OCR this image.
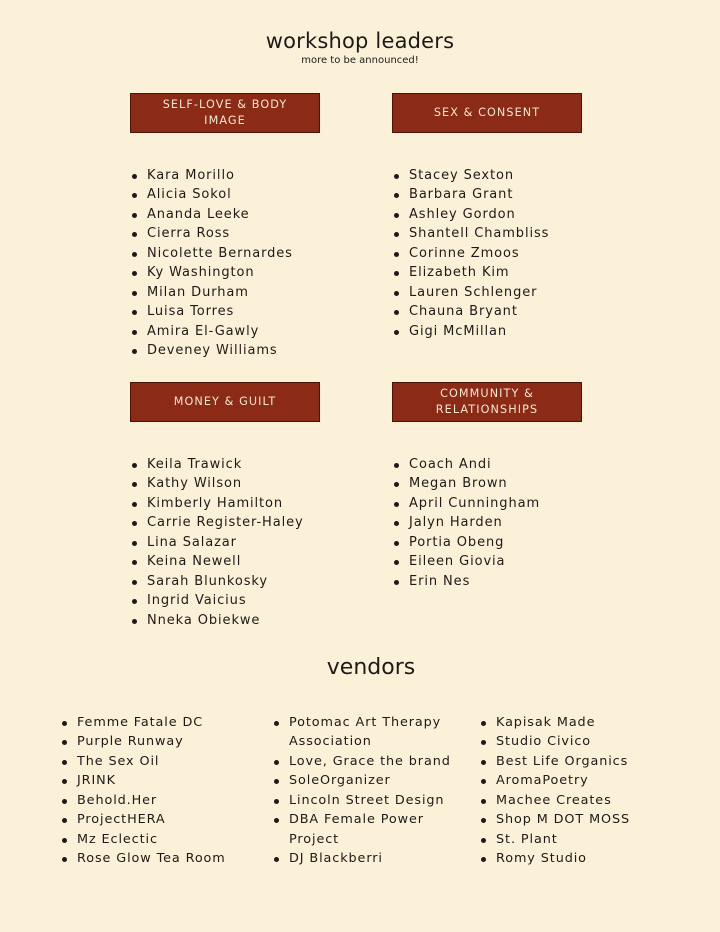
workshop leaders
more to be announced!
SELF-LOVE & BODY IMAGE
SEX & CONSENT
MONEY & GUILT
COMMUNITY & RELATIONSHIPS
Kara Morillo
Alicia Sokol
Ananda Leeke
Cierra Ross
Nicolette Bernardes
Ky Washington
Milan Durham
Luisa Torres
Amira El-Gawly
Deveney Williams
Stacey Sexton
Barbara Grant
Ashley Gordon
Shantell Chambliss
Corinne Zmoos
Elizabeth Kim
Lauren Schlenger
Chauna Bryant
Gigi McMillan
Keila Trawick
Kathy Wilson
Kimberly Hamilton
Carrie Register-Haley
Lina Salazar
Keina Newell
Sarah Blunkosky
Ingrid Vaicius
Nneka Obiekwe
Coach Andi
Megan Brown
April Cunningham
Jalyn Harden
Portia Obeng
Eileen Giovia
Erin Nes
vendors
Femme Fatale DC
Purple Runway
The Sex Oil
JRINK
Behold.Her
ProjectHERA
Mz Eclectic
Rose Glow Tea Room
Potomac Art Therapy Association
Love, Grace the brand
SoleOrganizer
Lincoln Street Design
DBA Female Power Project
DJ Blackberri
Kapisak Made
Studio Civico
Best Life Organics
AromaPoetry
Machee Creates
Shop M DOT MOSS
St. Plant
Romy Studio
